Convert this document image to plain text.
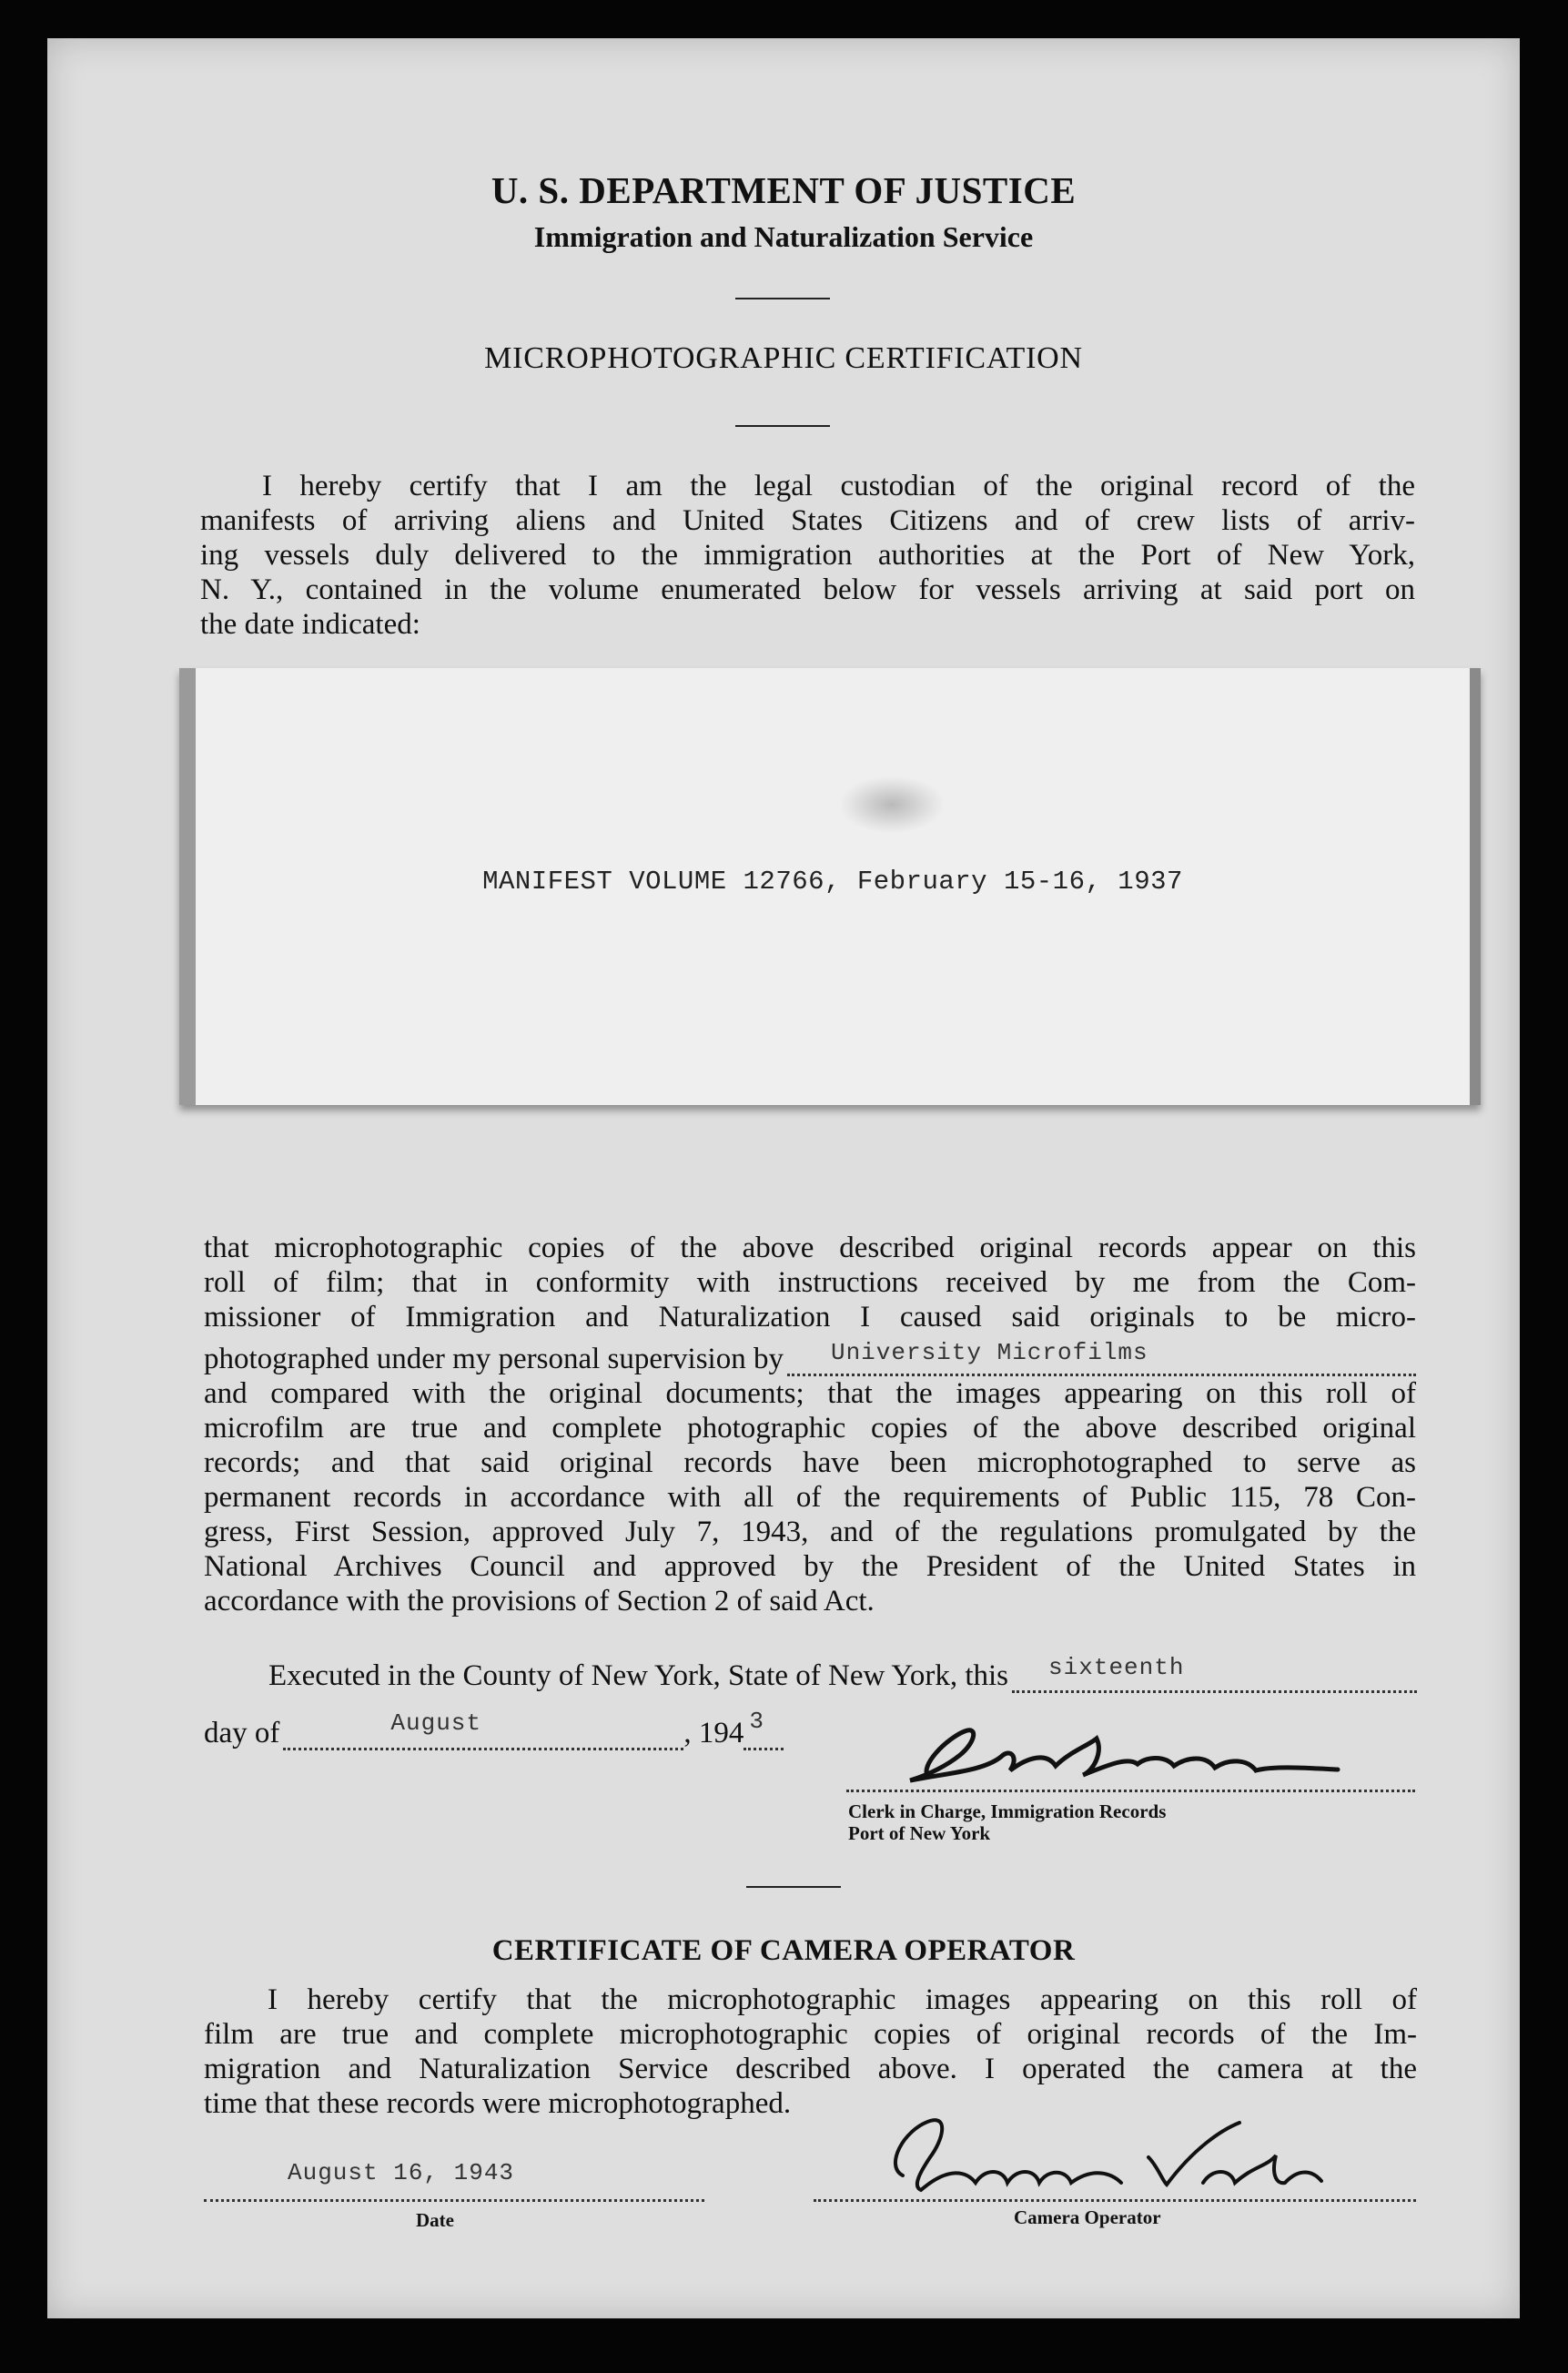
U. S. DEPARTMENT OF JUSTICE
Immigration and Naturalization Service
MICROPHOTOGRAPHIC CERTIFICATION
I hereby certify that I am the legal custodian of the original record of the
manifests of arriving aliens and United States Citizens and of crew lists of arriv-
ing vessels duly delivered to the immigration authorities at the Port of New York,
N. Y., contained in the volume enumerated below for vessels arriving at said port on
the date indicated:
MANIFEST VOLUME 12766, February 15-16, 1937
that microphotographic copies of the above described original records appear on this
roll of film; that in conformity with instructions received by me from the Com-
missioner of Immigration and Naturalization I caused said originals to be micro-
photographed under my personal supervision by University Microfilms
and compared with the original documents; that the images appearing on this roll of
microfilm are true and complete photographic copies of the above described original
records; and that said original records have been microphotographed to serve as
permanent records in accordance with all of the requirements of Public 115, 78 Con-
gress, First Session, approved July 7, 1943, and of the regulations promulgated by the
National Archives Council and approved by the President of the United States in
accordance with the provisions of Section 2 of said Act.
Executed in the County of New York, State of New York, this sixteenth
day of	August	, 194 3
Clerk in Charge, Immigration Records
Port of New York
CERTIFICATE OF CAMERA OPERATOR
I hereby certify that the microphotographic images appearing on this roll of
film are true and complete microphotographic copies of original records of the Im-
migration and Naturalization Service described above. I operated the camera at the
time that these records were microphotographed.
August 16, 1943
Date	Camera Operator
